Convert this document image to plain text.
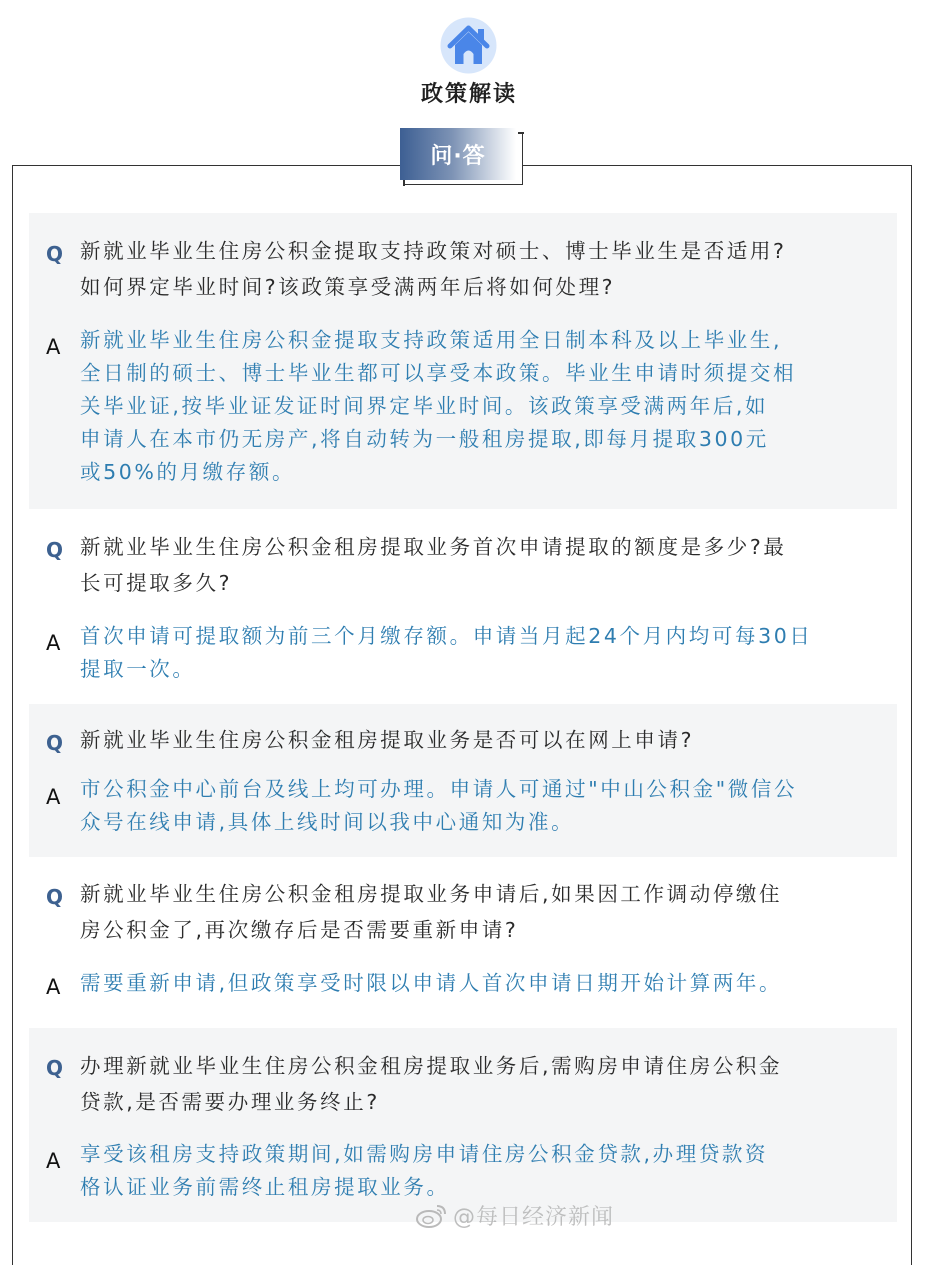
政策解读
问·答
Q 新就业毕业生住房公积金提取支持政策对硕士、博士毕业生是否适用?
如何界定毕业时间?该政策享受满两年后将如何处理?
A 新就业毕业生住房公积金提取支持政策适用全日制本科及以上毕业生,
全日制的硕士、博士毕业生都可以享受本政策。毕业生申请时须提交相
关毕业证,按毕业证发证时间界定毕业时间。该政策享受满两年后,如
申请人在本市仍无房产,将自动转为一般租房提取,即每月提取300元
或50%的月缴存额。
Q 新就业毕业生住房公积金租房提取业务首次申请提取的额度是多少?最
长可提取多久?
A 首次申请可提取额为前三个月缴存额。申请当月起24个月内均可每30日
提取一次。
Q 新就业毕业生住房公积金租房提取业务是否可以在网上申请?
A 市公积金中心前台及线上均可办理。申请人可通过"中山公积金"微信公
众号在线申请,具体上线时间以我中心通知为准。
Q 新就业毕业生住房公积金租房提取业务申请后,如果因工作调动停缴住
房公积金了,再次缴存后是否需要重新申请?
A 需要重新申请,但政策享受时限以申请人首次申请日期开始计算两年。
Q 办理新就业毕业生住房公积金租房提取业务后,需购房申请住房公积金
贷款,是否需要办理业务终止?
A 享受该租房支持政策期间,如需购房申请住房公积金贷款,办理贷款资
格认证业务前需终止租房提取业务。
@每日经济新闻
